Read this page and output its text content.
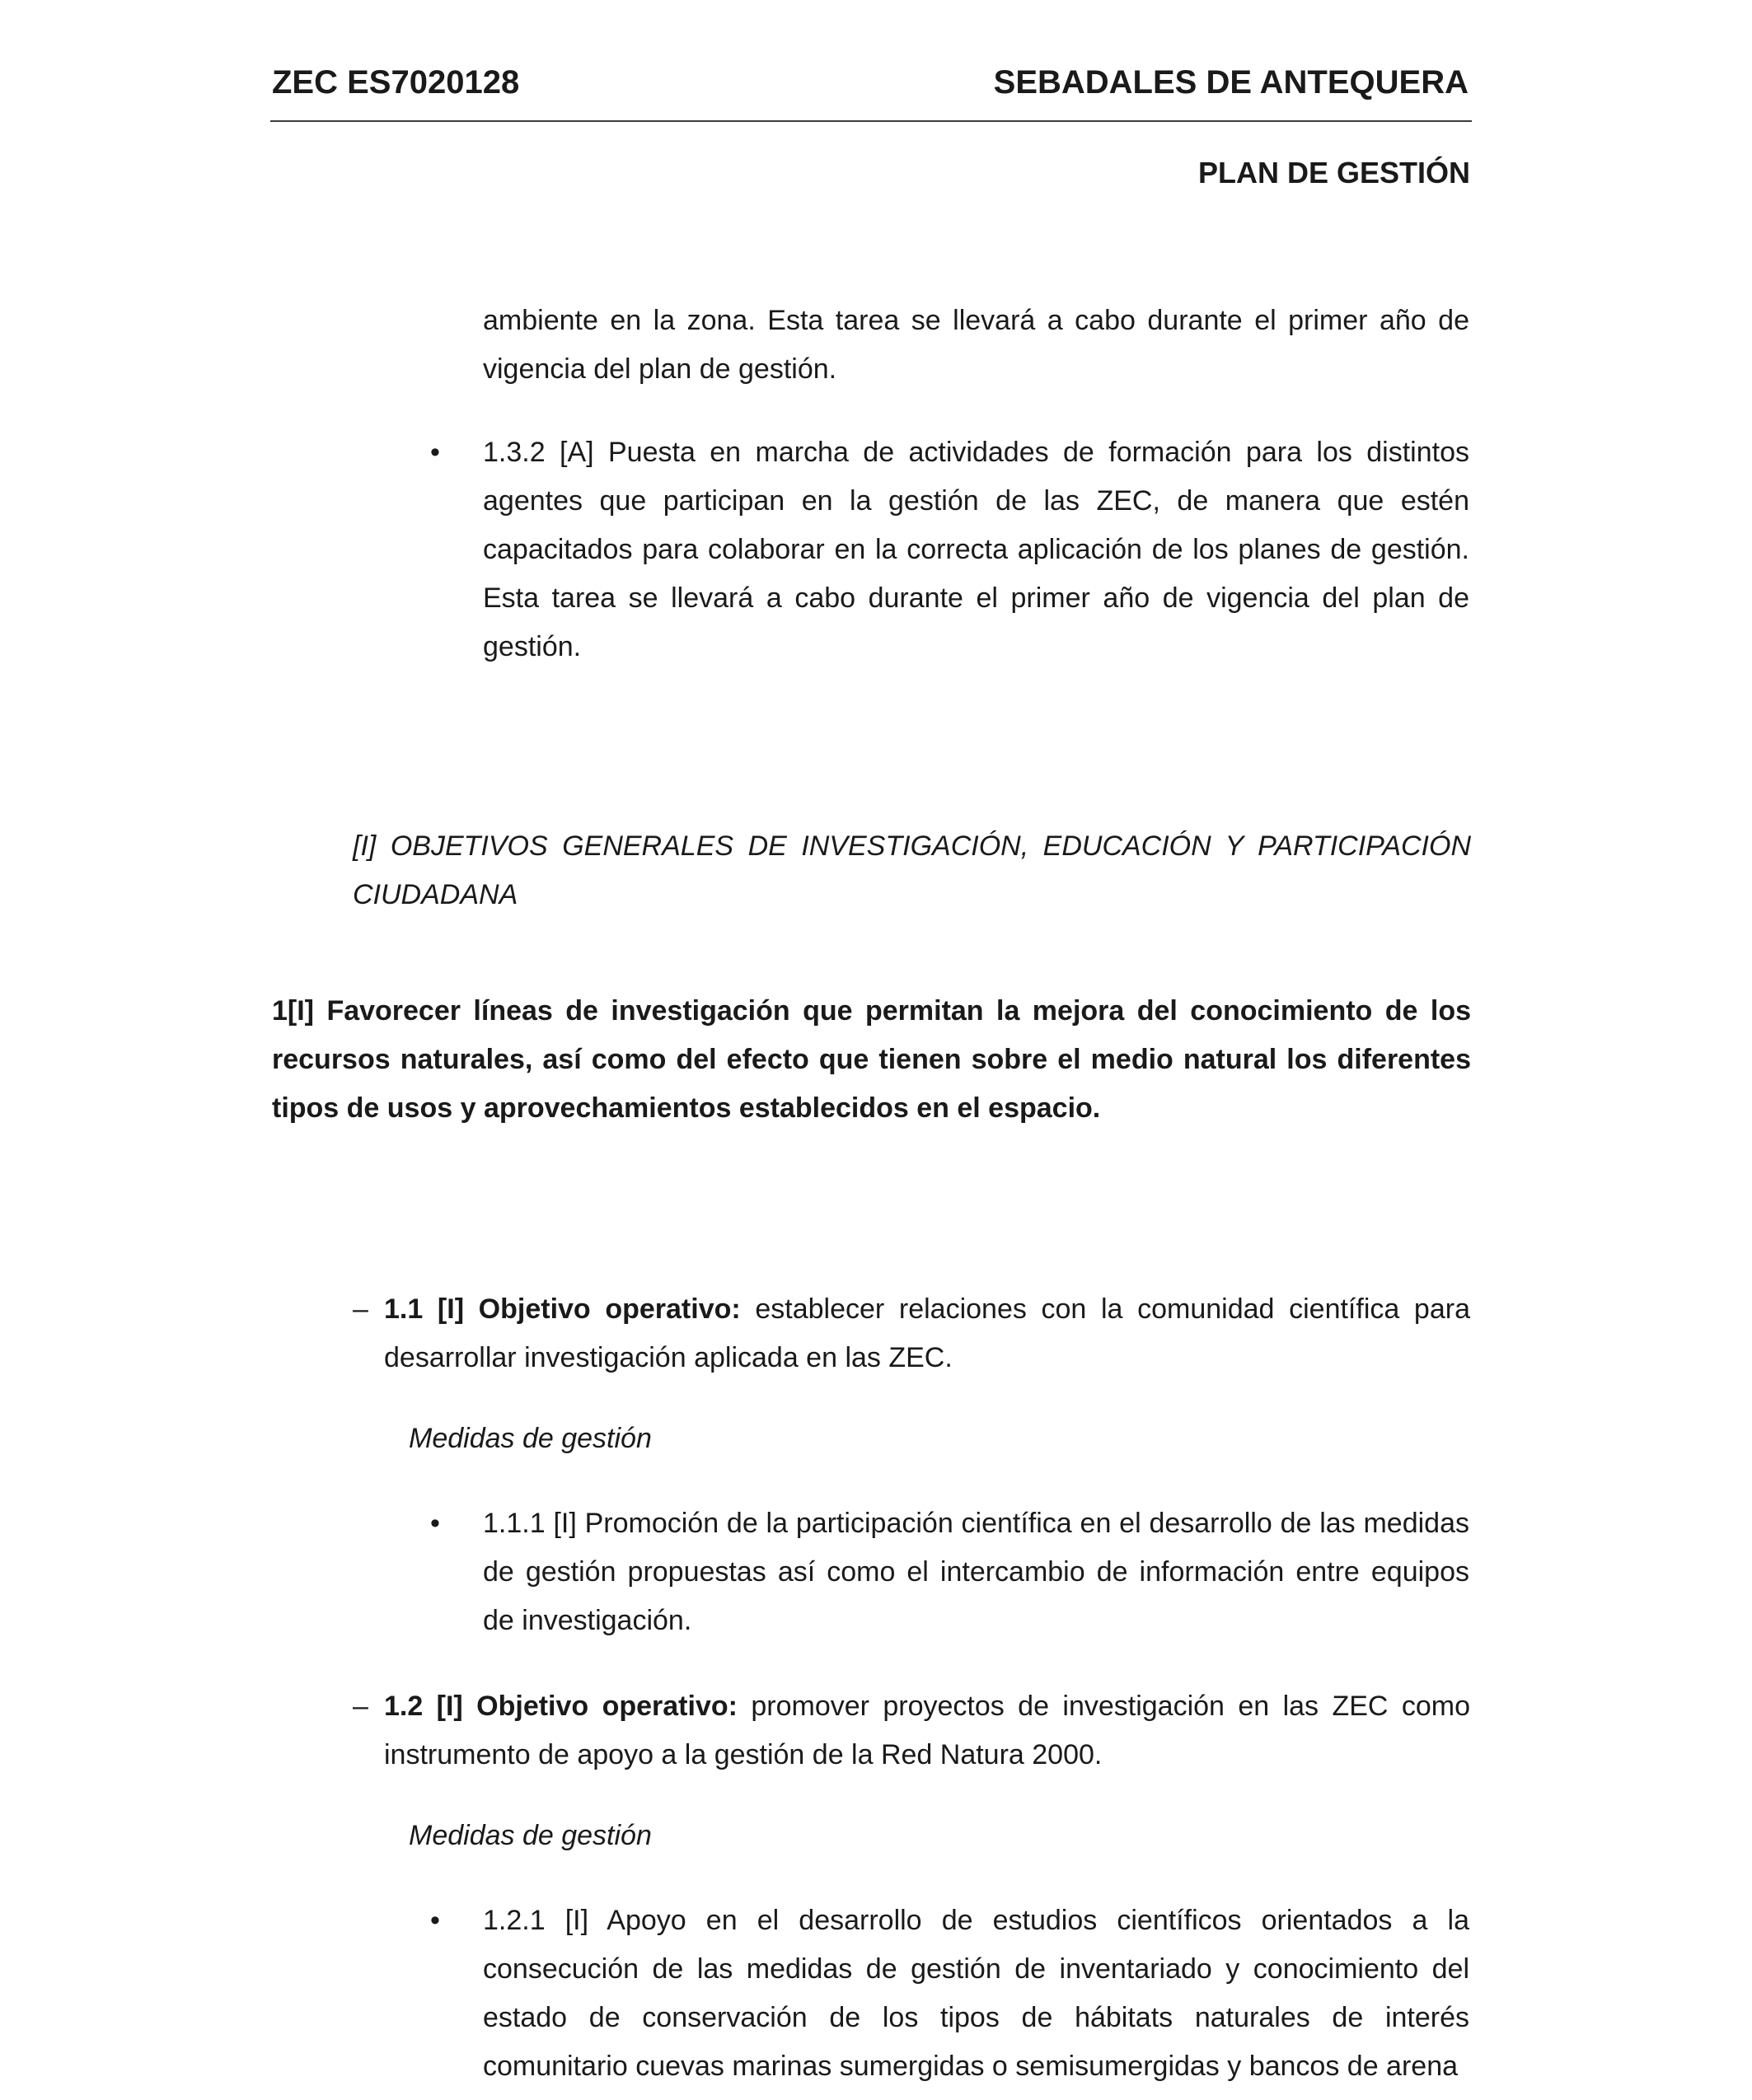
ZEC ES7020128	SEBADALES DE ANTEQUERA
PLAN DE GESTIÓN
ambiente en la zona. Esta tarea se llevará a cabo durante el primer año de vigencia del plan de gestión.
• 1.3.2 [A] Puesta en marcha de actividades de formación para los distintos agentes que participan en la gestión de las ZEC, de manera que estén capacitados para colaborar en la correcta aplicación de los planes de gestión. Esta tarea se llevará a cabo durante el primer año de vigencia del plan de gestión.
[I] OBJETIVOS GENERALES DE INVESTIGACIÓN, EDUCACIÓN Y PARTICIPACIÓN CIUDADANA
1[I] Favorecer líneas de investigación que permitan la mejora del conocimiento de los recursos naturales, así como del efecto que tienen sobre el medio natural los diferentes tipos de usos y aprovechamientos establecidos en el espacio.
– 1.1 [I] Objetivo operativo: establecer relaciones con la comunidad científica para desarrollar investigación aplicada en las ZEC.
Medidas de gestión
• 1.1.1 [I] Promoción de la participación científica en el desarrollo de las medidas de gestión propuestas así como el intercambio de información entre equipos de investigación.
– 1.2 [I] Objetivo operativo: promover proyectos de investigación en las ZEC como instrumento de apoyo a la gestión de la Red Natura 2000.
Medidas de gestión
• 1.2.1 [I] Apoyo en el desarrollo de estudios científicos orientados a la consecución de las medidas de gestión de inventariado y conocimiento del estado de conservación de los tipos de hábitats naturales de interés comunitario cuevas marinas sumergidas o semisumergidas y bancos de arena
